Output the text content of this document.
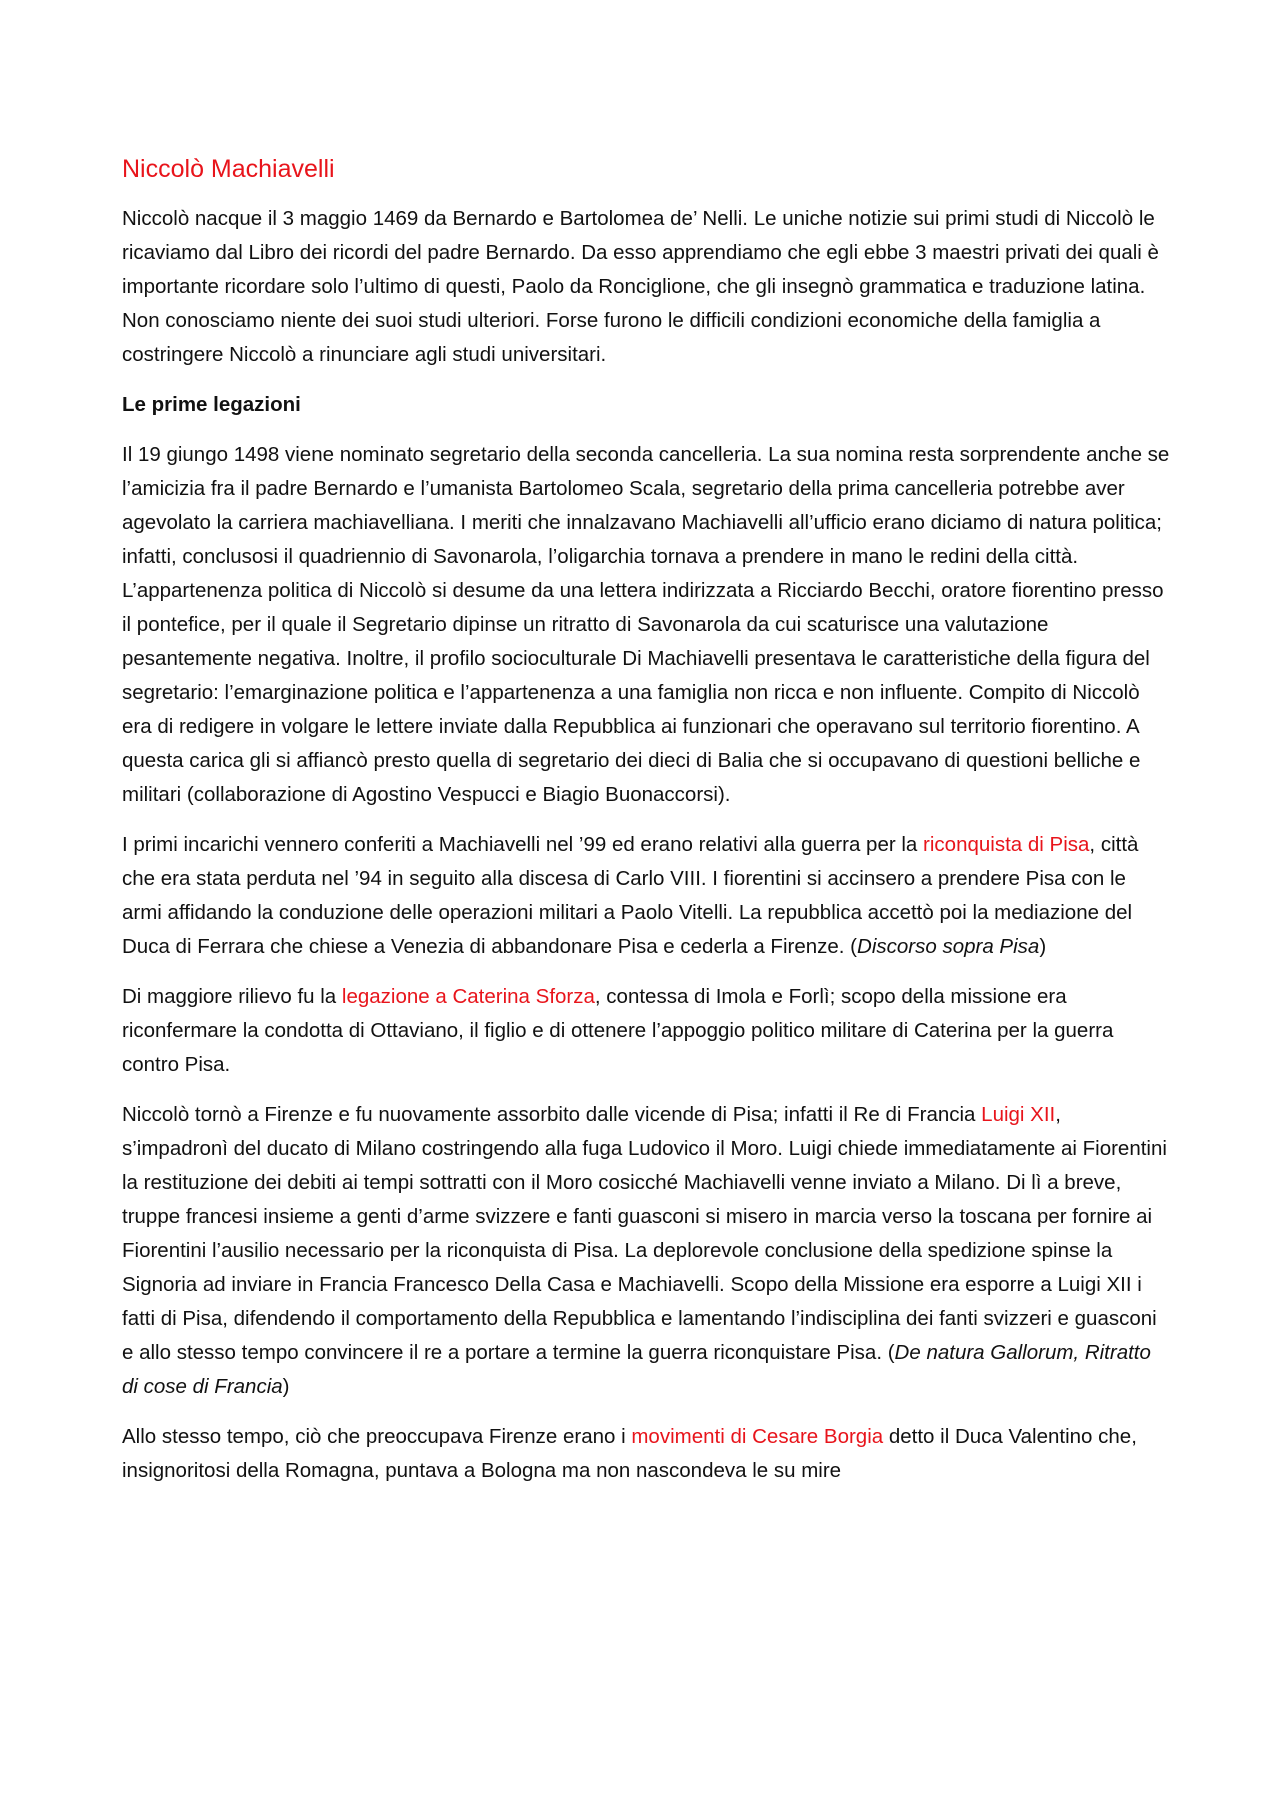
Niccolò Machiavelli

Niccolò nacque il 3 maggio 1469 da Bernardo e Bartolomea de’ Nelli. Le uniche notizie sui primi studi di Niccolò le ricaviamo dal Libro dei ricordi del padre Bernardo. Da esso apprendiamo che egli ebbe 3 maestri privati dei quali è importante ricordare solo l’ultimo di questi, Paolo da Ronciglione, che gli insegnò grammatica e traduzione latina. Non conosciamo niente dei suoi studi ulteriori. Forse furono le difficili condizioni economiche della famiglia a costringere Niccolò a rinunciare agli studi universitari.

Le prime legazioni

Il 19 giungo 1498 viene nominato segretario della seconda cancelleria. La sua nomina resta sorprendente anche se l’amicizia fra il padre Bernardo e l’umanista Bartolomeo Scala, segretario della prima cancelleria potrebbe aver agevolato la carriera machiavelliana. I meriti che innalzavano Machiavelli all’ufficio erano diciamo di natura politica; infatti, conclusosi il quadriennio di Savonarola, l’oligarchia tornava a prendere in mano le redini della città. L’appartenenza politica di Niccolò si desume da una lettera indirizzata a Ricciardo Becchi, oratore fiorentino presso il pontefice, per il quale il Segretario dipinse un ritratto di Savonarola da cui scaturisce una valutazione pesantemente negativa. Inoltre, il profilo socioculturale Di Machiavelli presentava le caratteristiche della figura del segretario: l’emarginazione politica e l’appartenenza a una famiglia non ricca e non influente. Compito di Niccolò era di redigere in volgare le lettere inviate dalla Repubblica ai funzionari che operavano sul territorio fiorentino. A questa carica gli si affiancò presto quella di segretario dei dieci di Balia che si occupavano di questioni belliche e militari (collaborazione di Agostino Vespucci e Biagio Buonaccorsi).

I primi incarichi vennero conferiti a Machiavelli nel ’99 ed erano relativi alla guerra per la riconquista di Pisa, città che era stata perduta nel ’94 in seguito alla discesa di Carlo VIII. I fiorentini si accinsero a prendere Pisa con le armi affidando la conduzione delle operazioni militari a Paolo Vitelli. La repubblica accettò poi la mediazione del Duca di Ferrara che chiese a Venezia di abbandonare Pisa e cederla a Firenze. (Discorso sopra Pisa)

Di maggiore rilievo fu la legazione a Caterina Sforza, contessa di Imola e Forlì; scopo della missione era riconfermare la condotta di Ottaviano, il figlio e di ottenere l’appoggio politico militare di Caterina per la guerra contro Pisa.

Niccolò tornò a Firenze e fu nuovamente assorbito dalle vicende di Pisa; infatti il Re di Francia Luigi XII, s’impadronì del ducato di Milano costringendo alla fuga Ludovico il Moro. Luigi chiede immediatamente ai Fiorentini la restituzione dei debiti ai tempi sottratti con il Moro cosicché Machiavelli venne inviato a Milano. Di lì a breve, truppe francesi insieme a genti d’arme svizzere e fanti guasconi si misero in marcia verso la toscana per fornire ai Fiorentini l’ausilio necessario per la riconquista di Pisa. La deplorevole conclusione della spedizione spinse la Signoria ad inviare in Francia Francesco Della Casa e Machiavelli. Scopo della Missione era esporre a Luigi XII i fatti di Pisa, difendendo il comportamento della Repubblica e lamentando l’indisciplina dei fanti svizzeri e guasconi e allo stesso tempo convincere il re a portare a termine la guerra riconquistare Pisa. (De natura Gallorum, Ritratto di cose di Francia)

Allo stesso tempo, ciò che preoccupava Firenze erano i movimenti di Cesare Borgia detto il Duca Valentino che, insignoritosi della Romagna, puntava a Bologna ma non nascondeva le su mire
